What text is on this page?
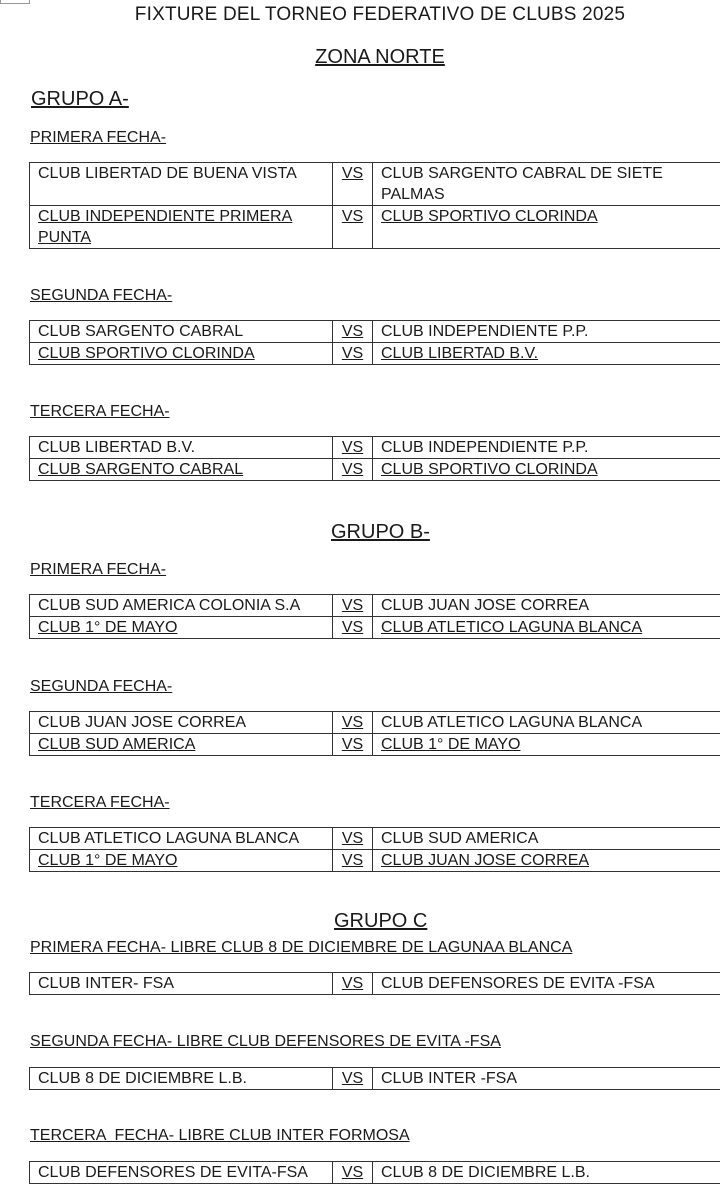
FIXTURE DEL TORNEO FEDERATIVO DE CLUBS 2025
ZONA NORTE
GRUPO A-
PRIMERA FECHA-
CLUB LIBERTAD DE BUENA VISTA	VS	CLUB SARGENTO CABRAL DE SIETE PALMAS
CLUB INDEPENDIENTE PRIMERA PUNTA	VS	CLUB SPORTIVO CLORINDA
SEGUNDA FECHA-
CLUB SARGENTO CABRAL	VS	CLUB INDEPENDIENTE P.P.
CLUB SPORTIVO CLORINDA	VS	CLUB LIBERTAD B.V.
TERCERA FECHA-
CLUB LIBERTAD B.V.	VS	CLUB INDEPENDIENTE P.P.
CLUB SARGENTO CABRAL	VS	CLUB SPORTIVO CLORINDA
GRUPO B-
PRIMERA FECHA-
CLUB SUD AMERICA COLONIA S.A	VS	CLUB JUAN JOSE CORREA
CLUB 1° DE MAYO	VS	CLUB ATLETICO LAGUNA BLANCA
SEGUNDA FECHA-
CLUB JUAN JOSE CORREA	VS	CLUB ATLETICO LAGUNA BLANCA
CLUB SUD AMERICA	VS	CLUB 1° DE MAYO
TERCERA FECHA-
CLUB ATLETICO LAGUNA BLANCA	VS	CLUB SUD AMERICA
CLUB 1° DE MAYO	VS	CLUB JUAN JOSE CORREA
GRUPO C
PRIMERA FECHA- LIBRE CLUB 8 DE DICIEMBRE DE LAGUNAA BLANCA
CLUB INTER- FSA	VS	CLUB DEFENSORES DE EVITA -FSA
SEGUNDA FECHA- LIBRE CLUB DEFENSORES DE EVITA -FSA
CLUB 8 DE DICIEMBRE L.B.	VS	CLUB INTER -FSA
TERCERA  FECHA- LIBRE CLUB INTER FORMOSA
CLUB DEFENSORES DE EVITA-FSA	VS	CLUB 8 DE DICIEMBRE L.B.
